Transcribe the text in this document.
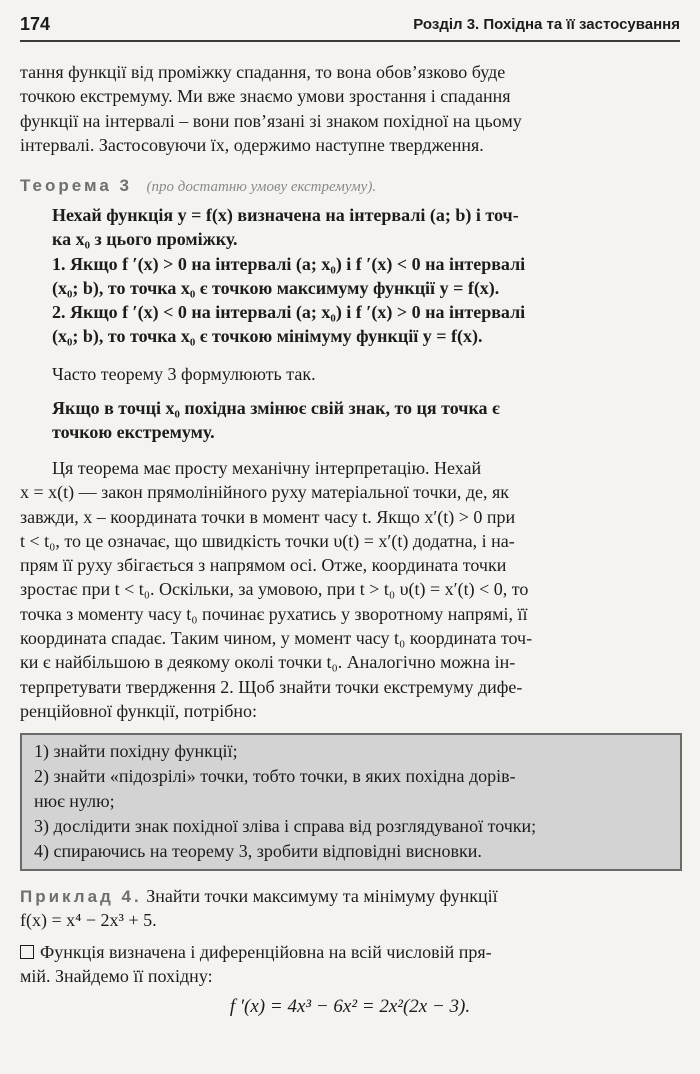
174	Розділ 3. Похідна та її застосування
тання функції від проміжку спадання, то вона обов’язково буде
точкою екстремуму. Ми вже знаємо умови зростання і спадання
функції на інтервалі – вони пов’язані зі знаком похідної на цьому
інтервалі. Застосовуючи їх, одержимо наступне твердження.
Теорема 3 (про достатню умову екстремуму).
Нехай функція y = f(x) визначена на інтервалі (a; b) і точ-
ка x₀ з цього проміжку.
1. Якщо f ′(x) > 0 на інтервалі (a; x₀) і f ′(x) < 0 на інтервалі
(x₀; b), то точка x₀ є точкою максимуму функції y = f(x).
2. Якщо f ′(x) < 0 на інтервалі (a; x₀) і f ′(x) > 0 на інтервалі
(x₀; b), то точка x₀ є точкою мінімуму функції y = f(x).
Часто теорему 3 формулюють так.
Якщо в точці x₀ похідна змінює свій знак, то ця точка є
точкою екстремуму.
Ця теорема має просту механічну інтерпретацію. Нехай
x = x(t) — закон прямолінійного руху матеріальної точки, де, як
завжди, x – координата точки в момент часу t. Якщо x′(t) > 0 при
t < t₀, то це означає, що швидкість точки υ(t) = x′(t) додатна, і на-
прям її руху збігається з напрямом осі. Отже, координата точки
зростає при t < t₀. Оскільки, за умовою, при t > t₀ υ(t) = x′(t) < 0, то
точка з моменту часу t₀ починає рухатись у зворотному напрямі, її
координата спадає. Таким чином, у момент часу t₀ координата точ-
ки є найбільшою в деякому околі точки t₀. Аналогічно можна ін-
терпретувати твердження 2. Щоб знайти точки екстремуму дифе-
ренційовної функції, потрібно:
1) знайти похідну функції;
2) знайти «підозрілі» точки, тобто точки, в яких похідна дорів-
нює нулю;
3) дослідити знак похідної зліва і справа від розглядуваної точки;
4) спираючись на теорему 3, зробити відповідні висновки.
Приклад 4. Знайти точки максимуму та мінімуму функції
f(x) = x⁴ − 2x³ + 5.
Функція визначена і диференційовна на всій числовій пря-
мій. Знайдемо її похідну:
f ′(x) = 4x³ − 6x² = 2x²(2x − 3).
